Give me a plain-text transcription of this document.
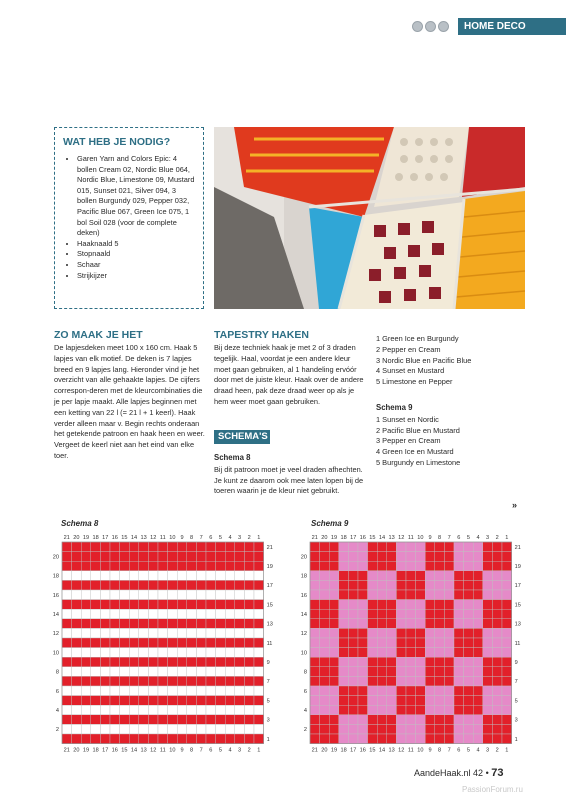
HOME DECO
WAT HEB JE NODIG?
• Garen Yarn and Colors Epic: 4 bollen Cream 02, Nordic Blue 064, Nordic Blue, Limestone 09, Mustard 015, Sunset 021, Silver 094, 3 bollen Burgundy 029, Pepper 032, Pacific Blue 067, Green Ice 075, 1 bol Soil 028 (voor de complete deken)
• Haaknaald 5
• Stopnaald
• Schaar
• Strijkijzer
ZO MAAK JE HET

De lapjesdeken meet 100 x 160 cm. Haak 5 lapjes van elk motief. De deken is 7 lapjes breed en 9 lapjes lang. Hieronder vind je het overzicht van alle gehaakte lapjes. De cijfers correspon-deren met de kleurcombinaties die je per lapje maakt. Alle lapjes beginnen met een ketting van 22 l (= 21 l + 1 keerl). Haak verder alleen maar v. Begin rechts onderaan het getekende patroon en haak heen en weer. Vergeet de keerl niet aan het eind van elke toer.

TAPESTRY HAKEN

Bij deze techniek haak je met 2 of 3 draden tegelijk. Haal, voordat je een andere kleur moet gaan gebruiken, al 1 handeling ervóór door met de juiste kleur. Haak over de andere draad heen, pak deze draad weer op als je hem weer moet gaan gebruiken.

SCHEMA'S
Schema 8

Bij dit patroon moet je veel draden afhechten. Je kunt ze daarom ook mee laten lopen bij de toeren waarin je de kleur niet gebruikt.

1 Green Ice en Burgundy
2 Pepper en Cream
3 Nordic Blue en Pacific Blue
4 Sunset en Mustard
5 Limestone en Pepper
Schema 9
1 Sunset en Nordic
2 Pacific Blue en Mustard
3 Pepper en Cream
4 Green Ice en Mustard
5 Burgundy en Limestone
»
Schema 8
21
21
20
20
19
19
18
18
17
17
16
16
15
15
14
14
13
13
12
12
11
11
10
10
9
9
8
8
7
7
6
6
5
5
4
4
3
3
2
2
1
1
21
20
19
18
17
16
15
14
13
12
11
10
9
8
7
6
5
4
3
2
1
Schema 9
21
21
20
20
19
19
18
18
17
17
16
16
15
15
14
14
13
13
12
12
11
11
10
10
9
9
8
8
7
7
6
6
5
5
4
4
3
3
2
2
1
1
21
20
19
18
17
16
15
14
13
12
11
10
9
8
7
6
5
4
3
2
1
AandeHaak.nl 42 • 73
PassionForum.ru
